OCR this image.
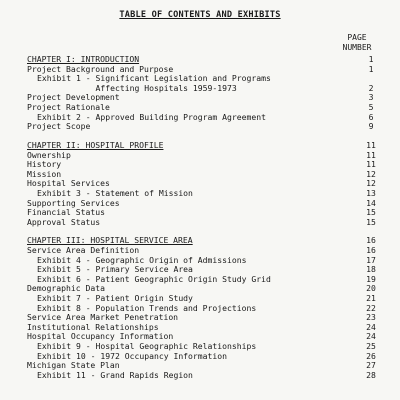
TABLE OF CONTENTS AND EXHIBITS
PAGE
NUMBER
CHAPTER I: INTRODUCTION	1
Project Background and Purpose	1
Exhibit 1 - Significant Legislation and Programs
Affecting Hospitals 1959-1973	2
Project Development	3
Project Rationale	5
Exhibit 2 - Approved Building Program Agreement	6
Project Scope	9
CHAPTER II: HOSPITAL PROFILE	11
Ownership	11
History	11
Mission	12
Hospital Services	12
Exhibit 3 - Statement of Mission	13
Supporting Services	14
Financial Status	15
Approval Status	15
CHAPTER III: HOSPITAL SERVICE AREA	16
Service Area Definition	16
Exhibit 4 - Geographic Origin of Admissions	17
Exhibit 5 - Primary Service Area	18
Exhibit 6 - Patient Geographic Origin Study Grid	19
Demographic Data	20
Exhibit 7 - Patient Origin Study	21
Exhibit 8 - Population Trends and Projections	22
Service Area Market Penetration	23
Institutional Relationships	24
Hospital Occupancy Information	24
Exhibit 9 - Hospital Geographic Relationships	25
Exhibit 10 - 1972 Occupancy Information	26
Michigan State Plan	27
Exhibit 11 - Grand Rapids Region	28
